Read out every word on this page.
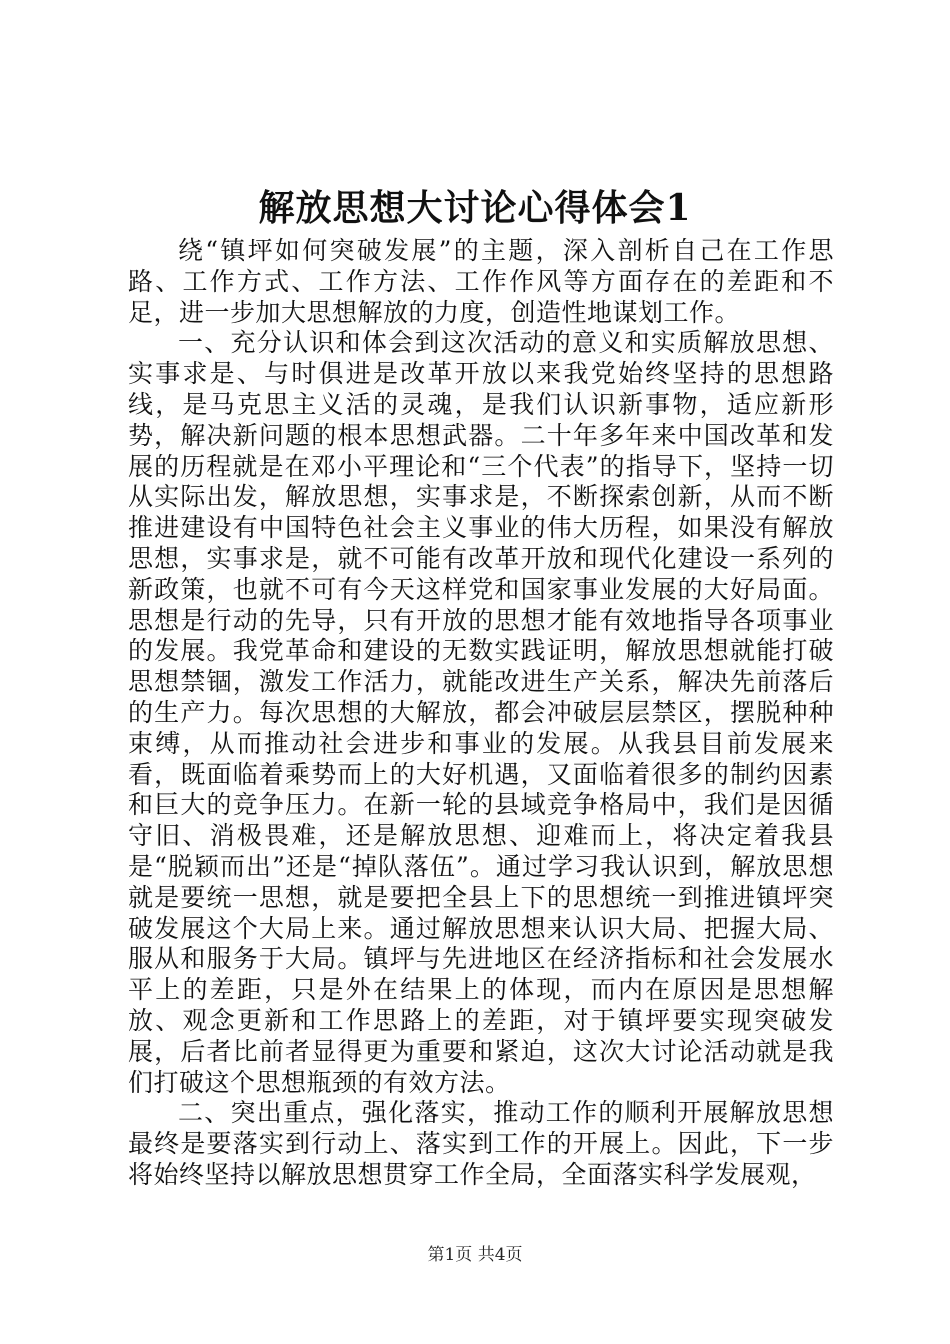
解放思想大讨论心得体会1

绕“镇坪如何突破发展”的主题，深入剖析自己在工作思路、工作方式、工作方法、工作作风等方面存在的差距和不足，进一步加大思想解放的力度，创造性地谋划工作。

一、充分认识和体会到这次活动的意义和实质解放思想、实事求是、与时俱进是改革开放以来我党始终坚持的思想路线，是马克思主义活的灵魂，是我们认识新事物，适应新形势，解决新问题的根本思想武器。二十年多年来中国改革和发展的历程就是在邓小平理论和“三个代表”的指导下，坚持一切从实际出发，解放思想，实事求是，不断探索创新，从而不断推进建设有中国特色社会主义事业的伟大历程，如果没有解放思想，实事求是，就不可能有改革开放和现代化建设一系列的新政策，也就不可有今天这样党和国家事业发展的大好局面。思想是行动的先导，只有开放的思想才能有效地指导各项事业的发展。我党革命和建设的无数实践证明，解放思想就能打破思想禁锢，激发工作活力，就能改进生产关系，解决先前落后的生产力。每次思想的大解放，都会冲破层层禁区，摆脱种种束缚，从而推动社会进步和事业的发展。从我县目前发展来看，既面临着乘势而上的大好机遇，又面临着很多的制约因素和巨大的竞争压力。在新一轮的县域竞争格局中，我们是因循守旧、消极畏难，还是解放思想、迎难而上，将决定着我县是“脱颖而出”还是“掉队落伍”。通过学习我认识到，解放思想就是要统一思想，就是要把全县上下的思想统一到推进镇坪突破发展这个大局上来。通过解放思想来认识大局、把握大局、服从和服务于大局。镇坪与先进地区在经济指标和社会发展水平上的差距，只是外在结果上的体现，而内在原因是思想解放、观念更新和工作思路上的差距，对于镇坪要实现突破发展，后者比前者显得更为重要和紧迫，这次大讨论活动就是我们打破这个思想瓶颈的有效方法。

二、突出重点，强化落实，推动工作的顺利开展解放思想最终是要落实到行动上、落实到工作的开展上。因此，下一步将始终坚持以解放思想贯穿工作全局，全面落实科学发展观，

第1页 共4页
